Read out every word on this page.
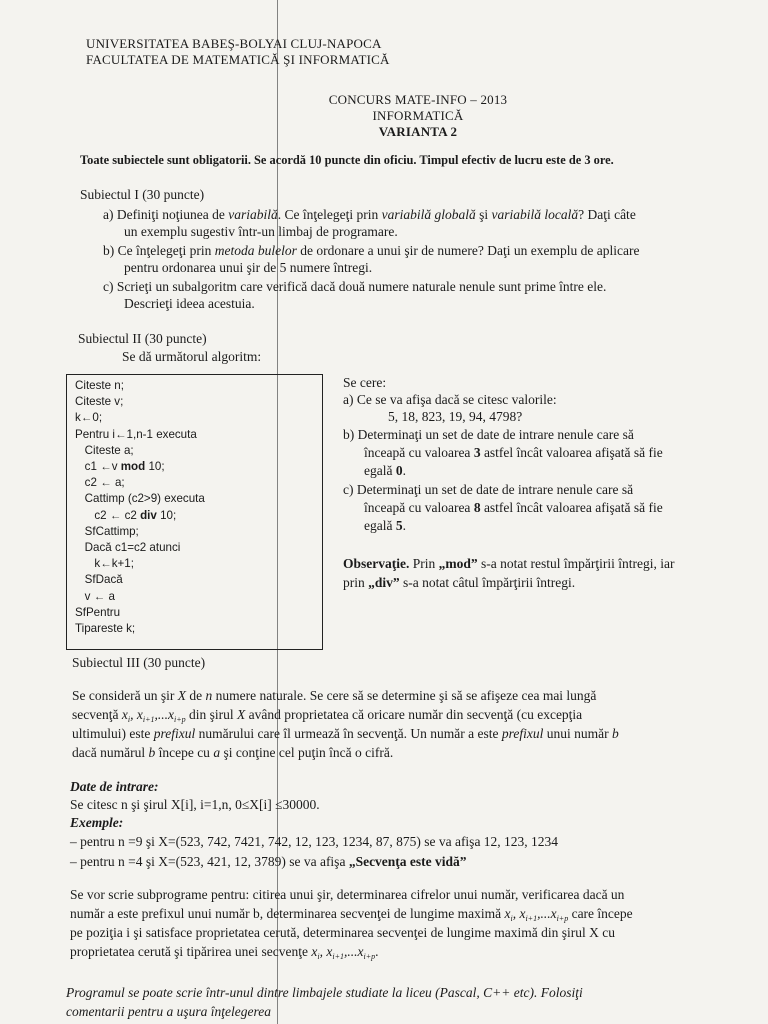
UNIVERSITATEA BABEŞ-BOLYAI CLUJ-NAPOCA
FACULTATEA DE MATEMATICĂ ŞI INFORMATICĂ
CONCURS MATE-INFO – 2013
INFORMATICĂ
VARIANTA 2
Toate subiectele sunt obligatorii. Se acordă 10 puncte din oficiu. Timpul efectiv de lucru este de 3 ore.
Subiectul I (30 puncte)
a) Definiţi noţiunea de variabilă. Ce înţelegeţi prin variabilă globală şi variabilă locală? Daţi câte
un exemplu sugestiv într-un limbaj de programare.
b) Ce înţelegeţi prin metoda bulelor de ordonare a unui şir de numere? Daţi un exemplu de aplicare
pentru ordonarea unui şir de 5 numere întregi.
c) Scrieţi un subalgoritm care verifică dacă două numere naturale nenule sunt prime între ele.
Descrieţi ideea acestuia.
Subiectul II (30 puncte)
Se dă următorul algoritm:
Citeste n;
Citeste v;
k←0;
Pentru i←1,n-1 executa
Citeste a;
c1 ←v mod 10;
c2 ← a;
Cattimp (c2>9) executa
c2 ← c2 div 10;
SfCattimp;
Dacă c1=c2 atunci
k←k+1;
SfDacă
v ← a
SfPentru
Tipareste k;
Se cere:
a) Ce se va afişa dacă se citesc valorile:
5, 18, 823, 19, 94, 4798?
b) Determinaţi un set de date de intrare nenule care să
înceapă cu valoarea 3 astfel încât valoarea afişată să fie
egală 0.
c) Determinaţi un set de date de intrare nenule care să
înceapă cu valoarea 8 astfel încât valoarea afişată să fie
egală 5.
Observaţie. Prin „mod” s-a notat restul împărţirii întregi, iar
prin „div” s-a notat câtul împărţirii întregi.
Subiectul III (30 puncte)
Se consideră un şir X de n numere naturale. Se cere să se determine şi să se afişeze cea mai lungă
secvenţă $x_i$, $x_{i+1},...x_{i+p}$ din şirul X având proprietatea că oricare număr din secvenţă (cu excepţia
ultimului) este prefixul numărului care îl urmează în secvenţă. Un număr a este prefixul unui număr b
dacă numărul b începe cu a şi conţine cel puţin încă o cifră.
Date de intrare:
Se citesc n şi şirul X[i], i=1,n, 0≤X[i] ≤30000.
Exemple:
– pentru n =9 şi X=(523, 742, 7421, 742, 12, 123, 1234, 87, 875) se va afişa 12, 123, 1234
– pentru n =4 şi X=(523, 421, 12, 3789) se va afişa „Secvenţa este vidă”
Se vor scrie subprograme pentru: citirea unui şir, determinarea cifrelor unui număr, verificarea dacă un
număr a este prefixul unui număr b, determinarea secvenţei de lungime maximă $x_i$, $x_{i+1},...x_{i+p}$ care începe
pe poziţia i şi satisface proprietatea cerută, determinarea secvenţei de lungime maximă din şirul X cu
proprietatea cerută şi tipărirea unei secvenţe $x_i$, $x_{i+1},...x_{i+p}$.
Programul se poate scrie într-unul dintre limbajele studiate la liceu (Pascal, C++ etc). Folosiţi
comentarii pentru a uşura înţelegerea
